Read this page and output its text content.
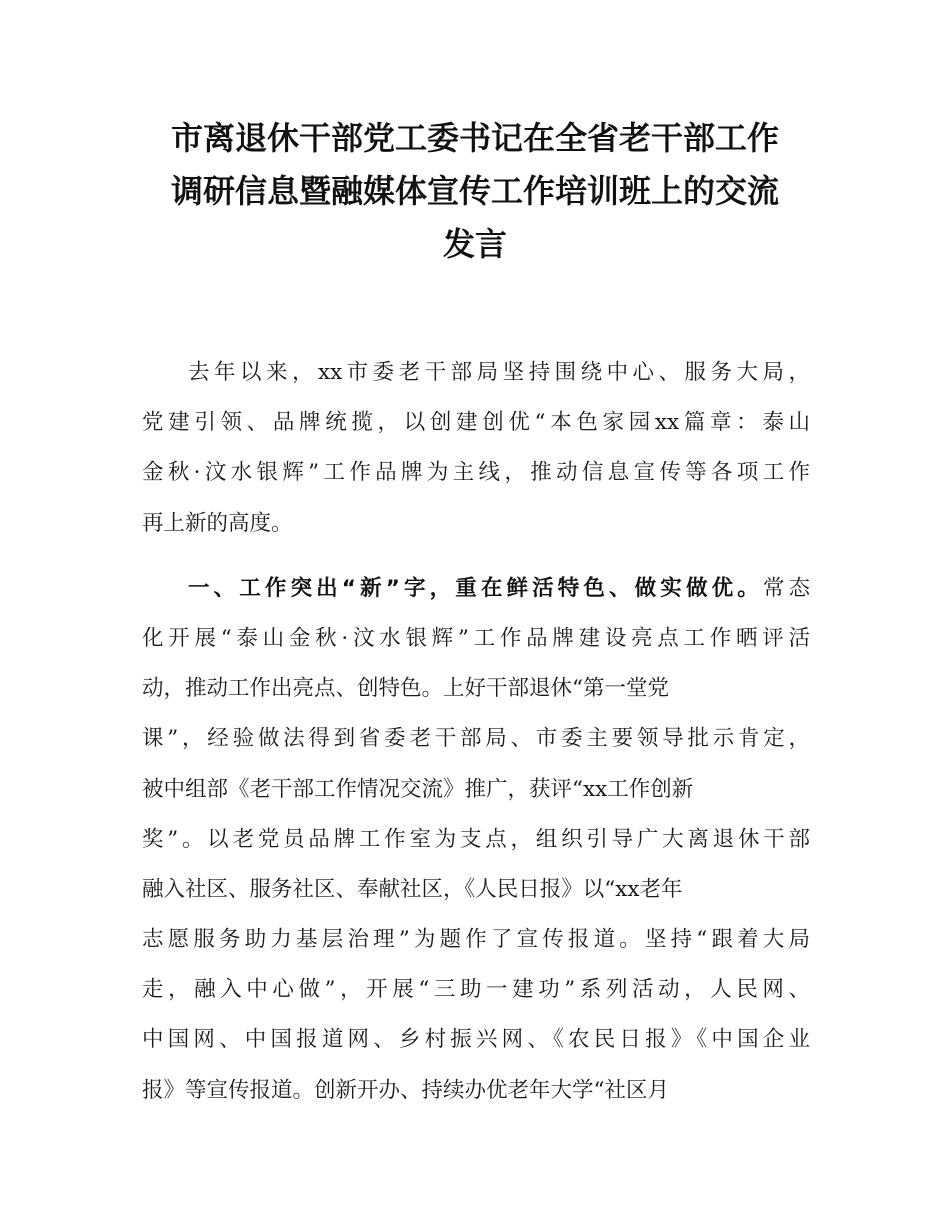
市离退休干部党工委书记在全省老干部工作
调研信息暨融媒体宣传工作培训班上的交流
发言
去年以来，xx市委老干部局坚持围绕中心、服务大局，
党建引领、品牌统揽，以创建创优“本色家园xx篇章：泰山
金秋·汶水银辉”工作品牌为主线，推动信息宣传等各项工作
再上新的高度。
一、工作突出“新”字，重在鲜活特色、做实做优。常态
化开展“泰山金秋·汶水银辉”工作品牌建设亮点工作晒评活
动，推动工作出亮点、创特色。上好干部退休“第一堂党
课”，经验做法得到省委老干部局、市委主要领导批示肯定，
被中组部《老干部工作情况交流》推广，获评“xx工作创新
奖”。以老党员品牌工作室为支点，组织引导广大离退休干部
融入社区、服务社区、奉献社区，《人民日报》以“xx老年
志愿服务助力基层治理”为题作了宣传报道。坚持“跟着大局
走，融入中心做”，开展“三助一建功”系列活动，人民网、
中国网、中国报道网、乡村振兴网、《农民日报》《中国企业
报》等宣传报道。创新开办、持续办优老年大学“社区月
